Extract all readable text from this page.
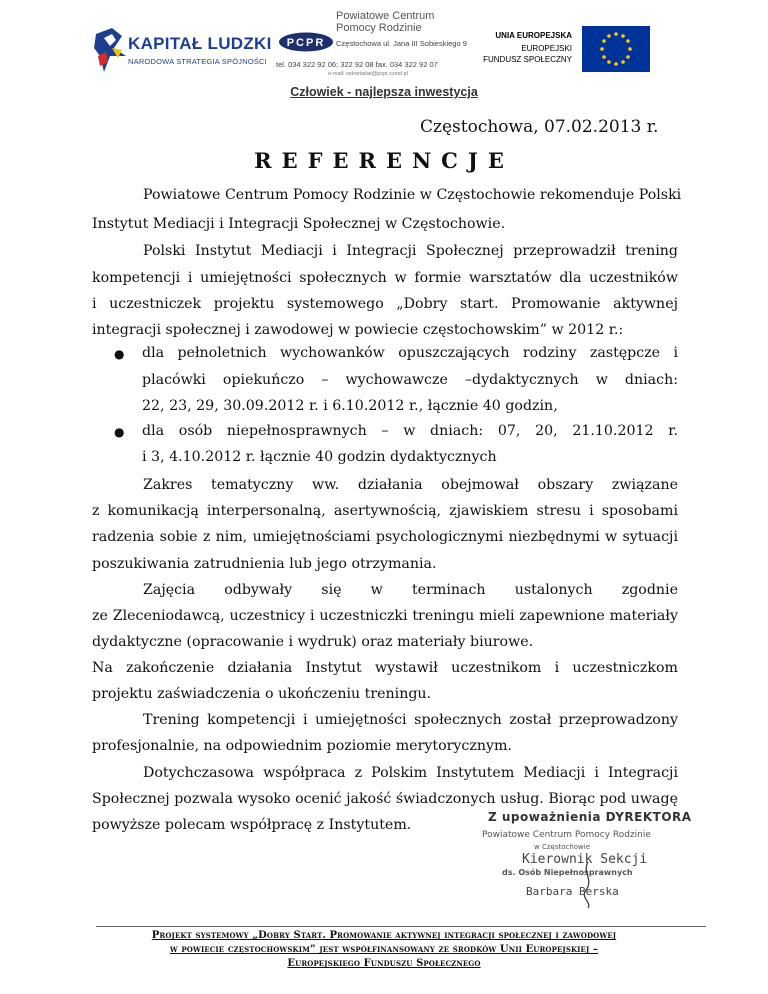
KAPITAŁ LUDZKI
NARODOWA STRATEGIA SPÓJNOŚCI
PCPR
Powiatowe Centrum
Pomocy Rodzinie
Częstochowa ul. Jana III Sobieskiego 9
tel. 034 322 92 06; 322 92 08 fax. 034 322 92 07
e-mail: sekretariat@pcpr.czest.pl
UNIA EUROPEJSKA
EUROPEJSKI
FUNDUSZ SPOŁECZNY
Człowiek - najlepsza inwestycja
Częstochowa, 07.02.2013 r.
REFERENCJE
Powiatowe Centrum Pomocy Rodzinie w Częstochowie rekomenduje Polski
Instytut Mediacji i Integracji Społecznej w Częstochowie.
Polski Instytut Mediacji i Integracji Społecznej przeprowadził trening
kompetencji i umiejętności społecznych w formie warsztatów dla uczestników
i uczestniczek projektu systemowego „Dobry start. Promowanie aktywnej
integracji społecznej i zawodowej w powiecie częstochowskim” w 2012 r.:
● dla pełnoletnich wychowanków opuszczających rodziny zastępcze i
placówki opiekuńczo – wychowawcze –dydaktycznych w dniach:
22, 23, 29, 30.09.2012 r. i 6.10.2012 r., łącznie 40 godzin,
● dla osób niepełnosprawnych – w dniach: 07, 20, 21.10.2012 r.
i 3, 4.10.2012 r. łącznie 40 godzin dydaktycznych
Zakres tematyczny ww. działania obejmował obszary związane
z komunikacją interpersonalną, asertywnością, zjawiskiem stresu i sposobami
radzenia sobie z nim, umiejętnościami psychologicznymi niezbędnymi w sytuacji
poszukiwania zatrudnienia lub jego otrzymania.
Zajęcia odbywały się w terminach ustalonych zgodnie
ze Zleceniodawcą, uczestnicy i uczestniczki treningu mieli zapewnione materiały
dydaktyczne (opracowanie i wydruk) oraz materiały biurowe.
Na zakończenie działania Instytut wystawił uczestnikom i uczestniczkom
projektu zaświadczenia o ukończeniu treningu.
Trening kompetencji i umiejętności społecznych został przeprowadzony
profesjonalnie, na odpowiednim poziomie merytorycznym.
Dotychczasowa współpraca z Polskim Instytutem Mediacji i Integracji
Społecznej pozwala wysoko ocenić jakość świadczonych usług. Biorąc pod uwagę
powyższe polecam współpracę z Instytutem.	Z upoważnienia DYREKTORA
Powiatowe Centrum Pomocy Rodzinie
w Częstochowie
Kierownik Sekcji
ds. Osób Niepełnosprawnych
Barbara Berska
Projekt systemowy „Dobry Start. Promowanie aktywnej integracji społecznej i zawodowej
w powiecie częstochowskim” jest współfinansowany ze środków Unii Europejskiej –
Europejskiego Funduszu Społecznego
